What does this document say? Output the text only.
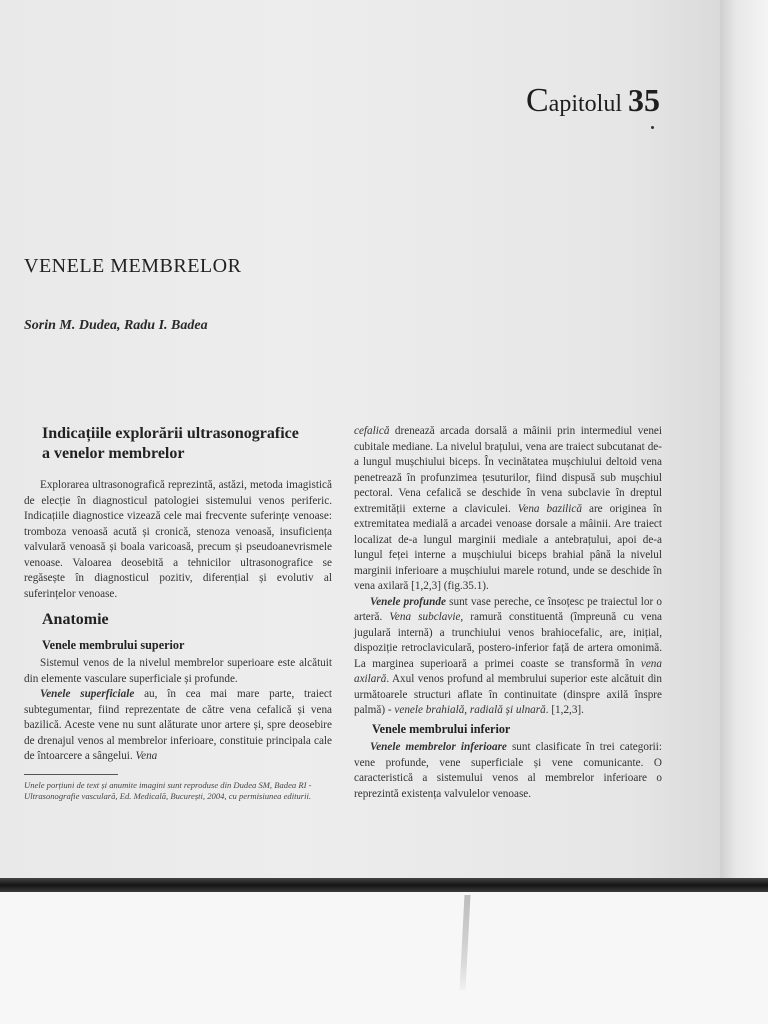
Capitolul 35
VENELE MEMBRELOR
Sorin M. Dudea, Radu I. Badea
Indicațiile explorării ultrasonografice
a venelor membrelor

Explorarea ultrasonografică reprezintă, astăzi, metoda imagistică de elecție în diagnosticul patologiei sistemului venos periferic. Indicațiile diagnostice vizează cele mai frecvente suferințe venoase: tromboza venoasă acută și cronică, stenoza venoasă, insuficiența valvulară venoasă și boala varicoasă, precum și pseudoanevrismele venoase. Valoarea deosebită a tehnicilor ultrasonografice se regăsește în diagnosticul pozitiv, diferențial și evolutiv al suferințelor venoase.

Anatomie
Venele membrului superior

Sistemul venos de la nivelul membrelor superioare este alcătuit din elemente vasculare superficiale și profunde.

Venele superficiale au, în cea mai mare parte, traiect subtegumentar, fiind reprezentate de către vena cefalică și vena bazilică. Aceste vene nu sunt alăturate unor artere și, spre deosebire de drenajul venos al membrelor inferioare, constituie principala cale de întoarcere a sângelui. Vena

Unele porțiuni de text și anumite imagini sunt reproduse din Dudea SM, Badea RI - Ultrasonografie vasculară, Ed. Medicală, București, 2004, cu permisiunea editurii.

cefalică drenează arcada dorsală a mâinii prin intermediul venei cubitale mediane. La nivelul brațului, vena are traiect subcutanat de-a lungul mușchiului biceps. În vecinătatea mușchiului deltoid vena penetrează în profunzimea țesuturilor, fiind dispusă sub mușchiul pectoral. Vena cefalică se deschide în vena subclavie în dreptul extremității externe a claviculei. Vena bazilică are originea în extremitatea medială a arcadei venoase dorsale a mâinii. Are traiect localizat de-a lungul marginii mediale a antebrațului, apoi de-a lungul feței interne a mușchiului biceps brahial până la nivelul marginii inferioare a mușchiului marele rotund, unde se deschide în vena axilară [1,2,3] (fig.35.1).

Venele profunde sunt vase pereche, ce însoțesc pe traiectul lor o arteră. Vena subclavie, ramură constituentă (împreună cu vena jugulară internă) a trunchiului venos brahiocefalic, are, inițial, dispoziție retroclaviculară, postero-inferior față de artera omonimă. La marginea superioară a primei coaste se transformă în vena axilară. Axul venos profund al membrului superior este alcătuit din următoarele structuri aflate în continuitate (dinspre axilă înspre palmă) - venele brahială, radială și ulnară. [1,2,3].

Venele membrului inferior

Venele membrelor inferioare sunt clasificate în trei categorii: vene profunde, vene superficiale și vene comunicante. O caracteristică a sistemului venos al membrelor inferioare o reprezintă existența valvulelor venoase.
